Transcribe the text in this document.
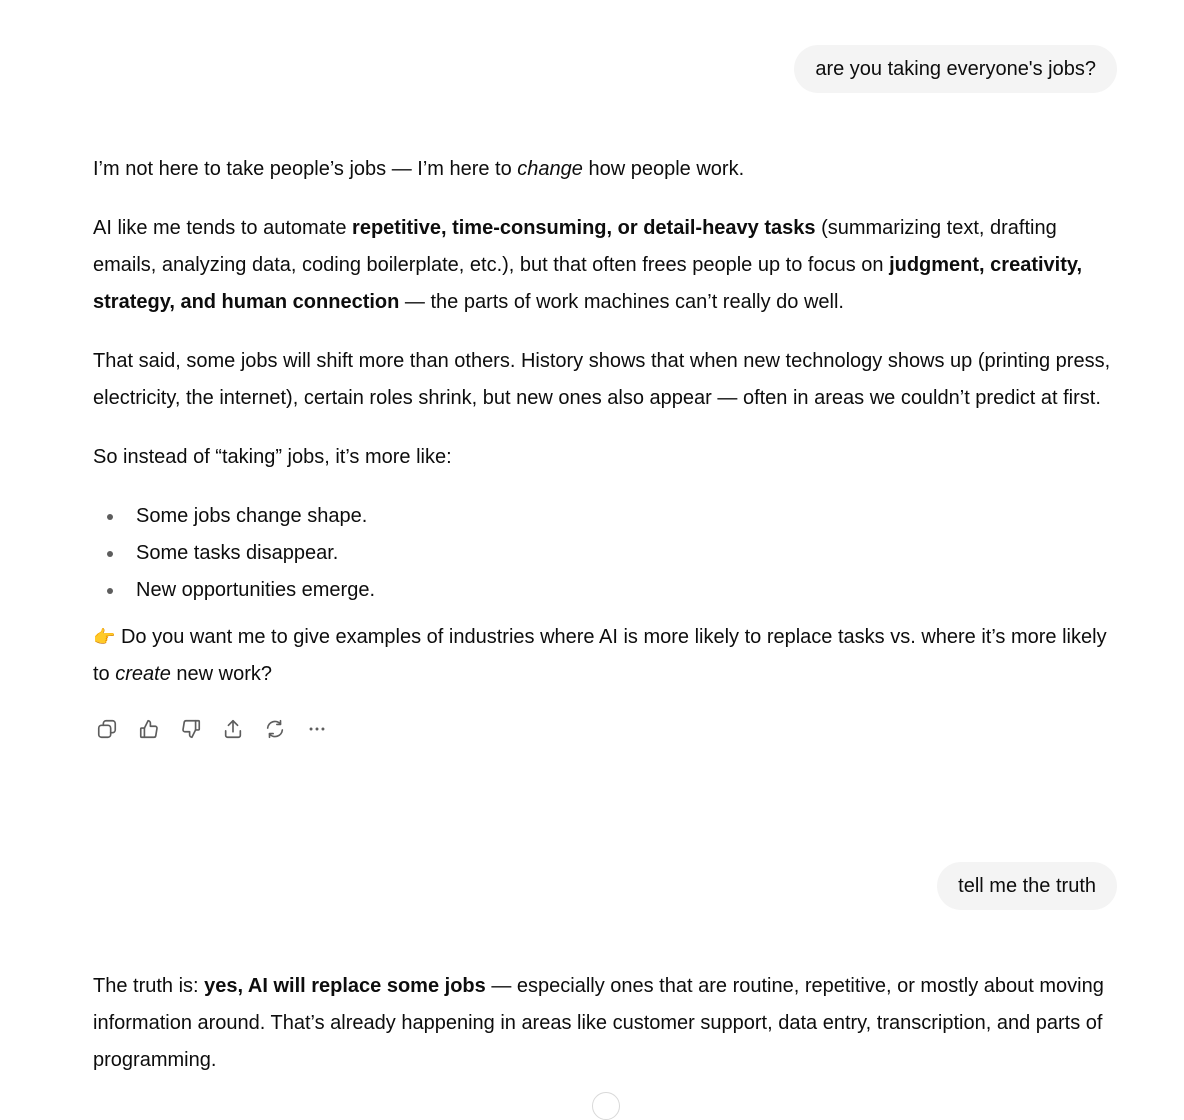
are you taking everyone's jobs?

I’m not here to take people’s jobs — I’m here to change how people work.

AI like me tends to automate repetitive, time-consuming, or detail-heavy tasks (summarizing text, drafting emails, analyzing data, coding boilerplate, etc.), but that often frees people up to focus on judgment, creativity, strategy, and human connection — the parts of work machines can’t really do well.

That said, some jobs will shift more than others. History shows that when new technology shows up (printing press, electricity, the internet), certain roles shrink, but new ones also appear — often in areas we couldn’t predict at first.

So instead of “taking” jobs, it’s more like:

Some jobs change shape.
Some tasks disappear.
New opportunities emerge.

👉 Do you want me to give examples of industries where AI is more likely to replace tasks vs. where it’s more likely to create new work?

tell me the truth

The truth is: yes, AI will replace some jobs — especially ones that are routine, repetitive, or mostly about moving information around. That’s already happening in areas like customer support, data entry, transcription, and parts of programming.
